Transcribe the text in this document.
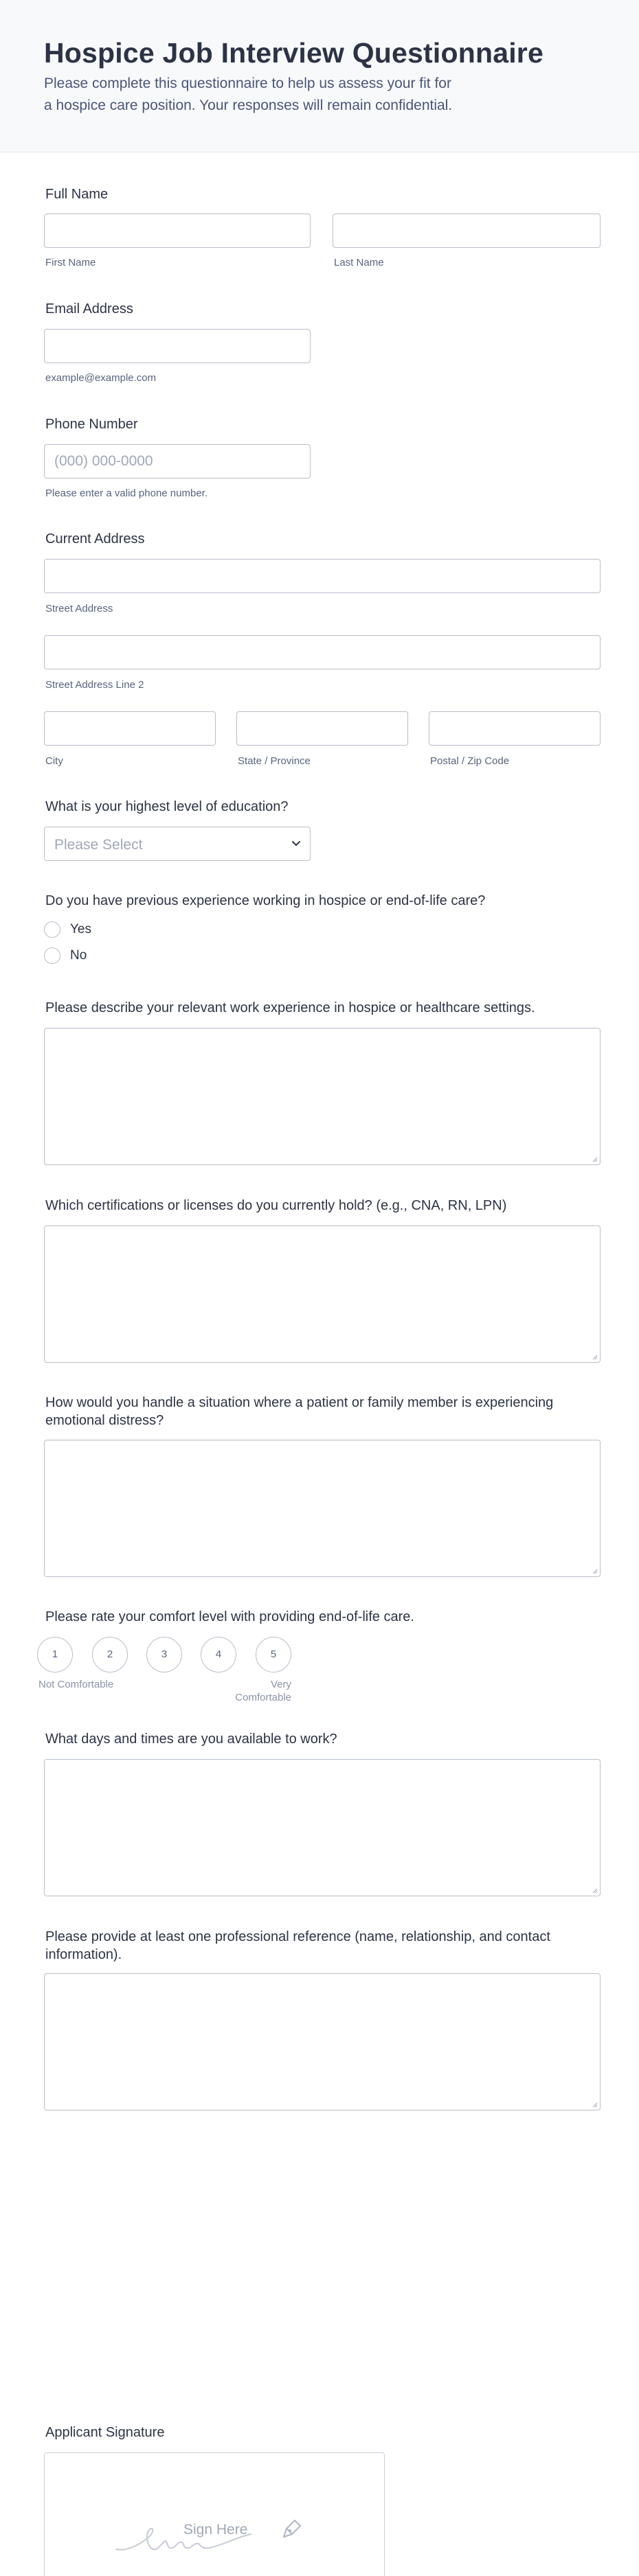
Hospice Job Interview Questionnaire

Please complete this questionnaire to help us assess your fit for a hospice care position. Your responses will remain confidential.

Full Name
First Name	Last Name
Email Address
example@example.com
Phone Number
(000) 000-0000
Please enter a valid phone number.
Current Address
Street Address
Street Address Line 2
City	State / Province	Postal / Zip Code
What is your highest level of education?
Please Select
Do you have previous experience working in hospice or end-of-life care?
Yes
No
Please describe your relevant work experience in hospice or healthcare settings.
Which certifications or licenses do you currently hold? (e.g., CNA, RN, LPN)
How would you handle a situation where a patient or family member is experiencing emotional distress?
Please rate your comfort level with providing end-of-life care.
1	2	3	4	5
Not Comfortable	Very Comfortable
What days and times are you available to work?
Please provide at least one professional reference (name, relationship, and contact information).
Applicant Signature
Sign Here
